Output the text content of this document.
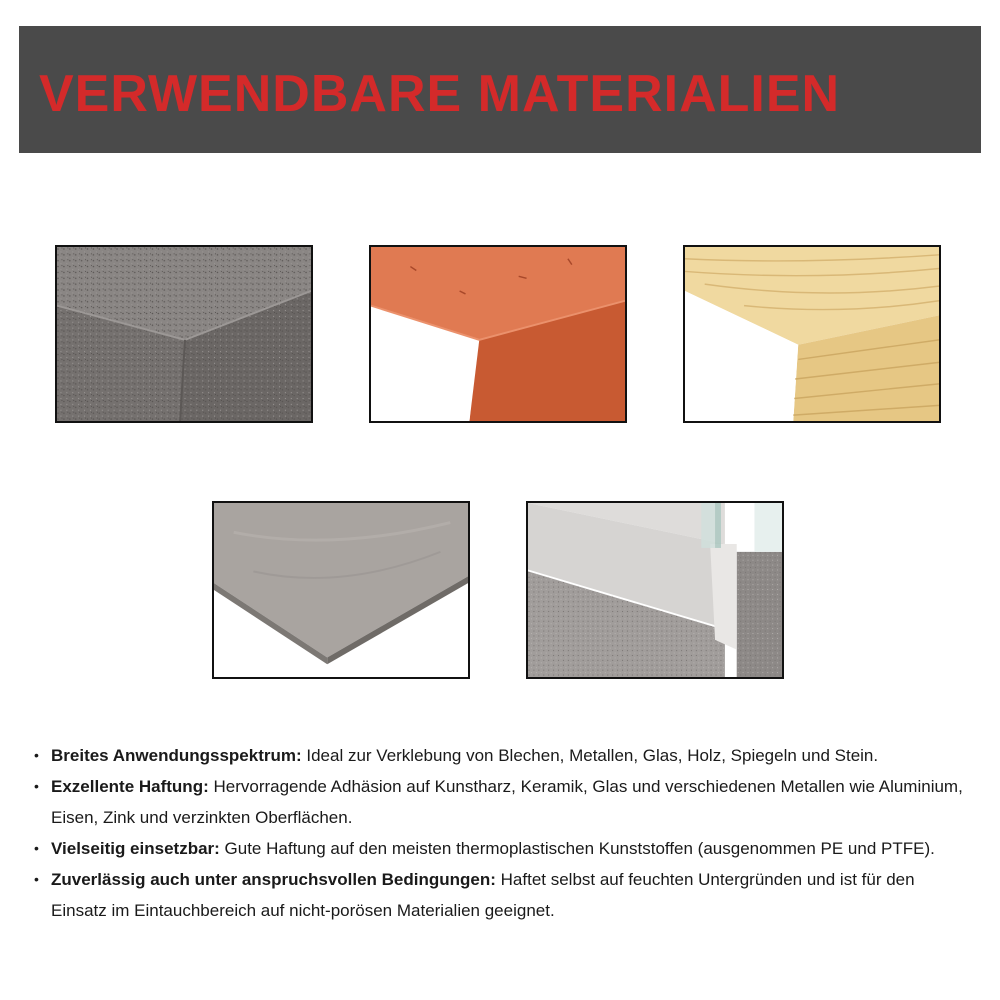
VERWENDBARE MATERIALIEN
• Breites Anwendungsspektrum: Ideal zur Verklebung von Blechen, Metallen, Glas, Holz, Spiegeln und Stein.
• Exzellente Haftung: Hervorragende Adhäsion auf Kunstharz, Keramik, Glas und verschiedenen Metallen wie Aluminium, Eisen, Zink und verzinkten Oberflächen.
• Vielseitig einsetzbar: Gute Haftung auf den meisten thermoplastischen Kunststoffen (ausgenommen PE und PTFE).
• Zuverlässig auch unter anspruchsvollen Bedingungen: Haftet selbst auf feuchten Untergründen und ist für den Einsatz im Eintauchbereich auf nicht-porösen Materialien geeignet.
